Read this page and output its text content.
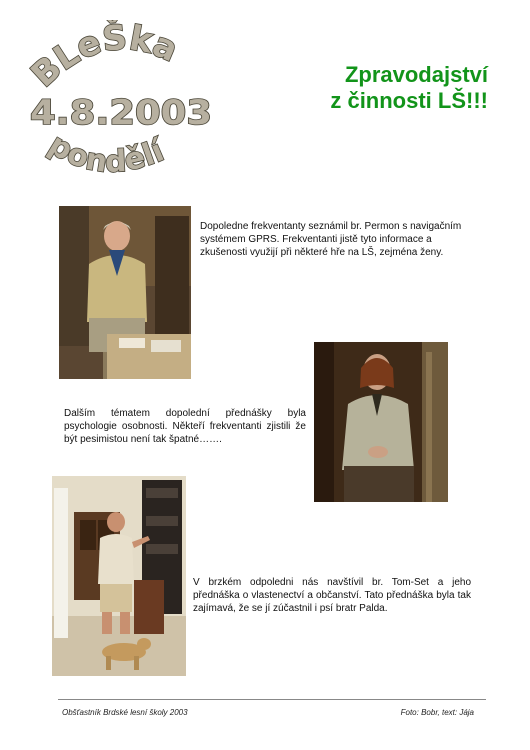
BLeŠka
4.8.2003
pondělí
Zpravodajství
z činnosti LŠ!!!
Dopoledne frekventanty seznámil br. Permon s navigačním systémem GPRS. Frekventanti jistě tyto informace a zkušenosti využijí při některé hře na LŠ, zejména ženy.
Dalším tématem dopolední přednášky byla psychologie osobnosti. Někteří frekventanti zjistili že být pesimistou není tak špatné…….
V brzkém odpoledni nás navštívil br. Tom-Set a jeho přednáška o vlastenectví a občanství. Tato přednáška byla tak zajímavá, že se jí zúčastnil i psí bratr Palda.
Obšťastník Brdské lesní školy 2003	Foto: Bobr, text: Jája
